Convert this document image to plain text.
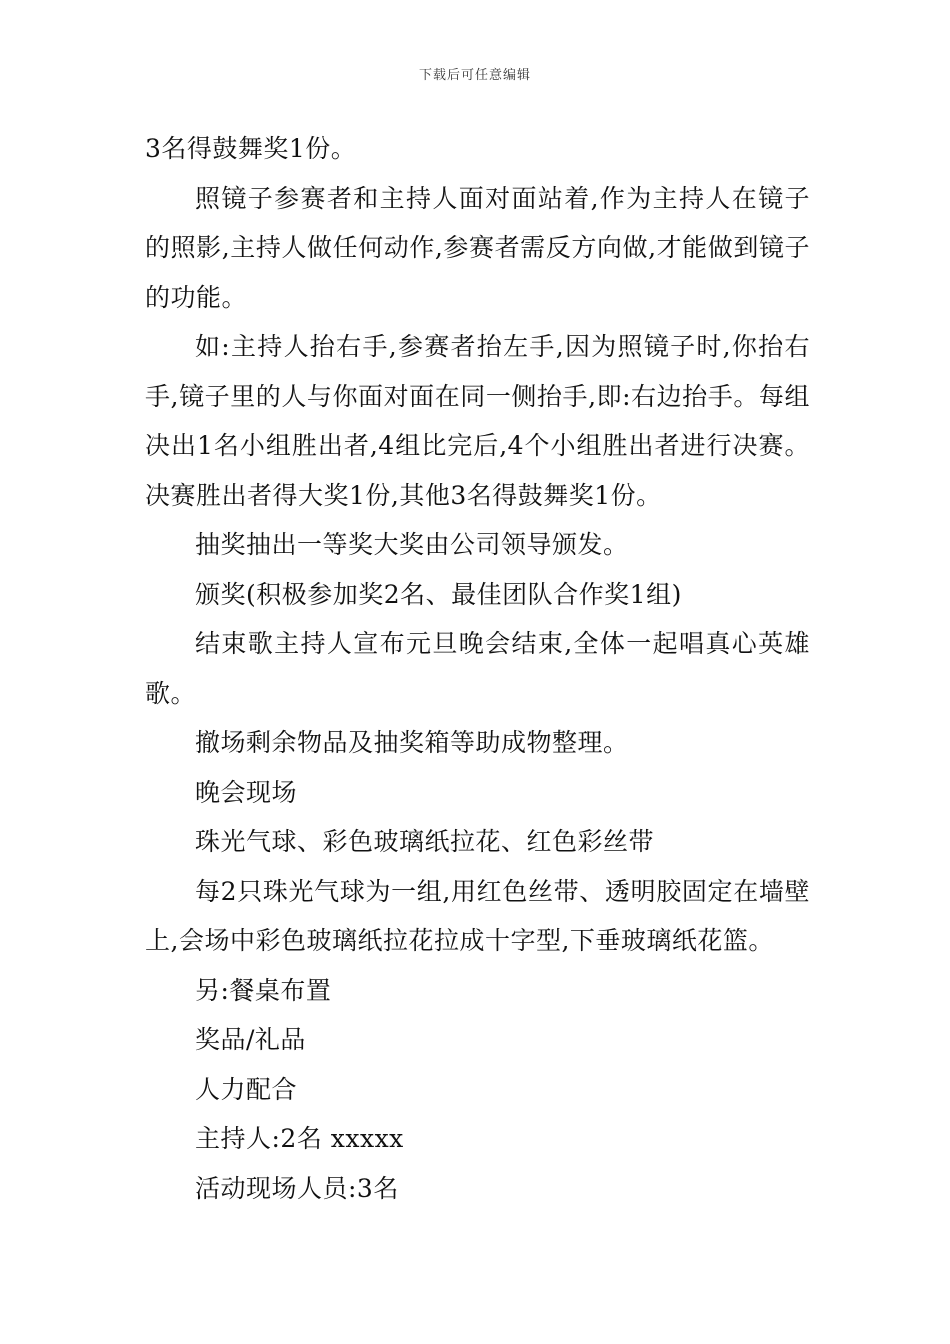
下载后可任意编辑

3名得鼓舞奖1份。

照镜子参赛者和主持人面对面站着,作为主持人在镜子的照影,主持人做任何动作,参赛者需反方向做,才能做到镜子的功能。

如:主持人抬右手,参赛者抬左手,因为照镜子时,你抬右手,镜子里的人与你面对面在同一侧抬手,即:右边抬手。每组决出1名小组胜出者,4组比完后,4个小组胜出者进行决赛。决赛胜出者得大奖1份,其他3名得鼓舞奖1份。

抽奖抽出一等奖大奖由公司领导颁发。

颁奖(积极参加奖2名、最佳团队合作奖1组)

结束歌主持人宣布元旦晚会结束,全体一起唱真心英雄歌。

撤场剩余物品及抽奖箱等助成物整理。

晚会现场

珠光气球、彩色玻璃纸拉花、红色彩丝带

每2只珠光气球为一组,用红色丝带、透明胶固定在墙壁上,会场中彩色玻璃纸拉花拉成十字型,下垂玻璃纸花篮。

另:餐桌布置

奖品/礼品

人力配合

主持人:2名 xxxxx

活动现场人员:3名
